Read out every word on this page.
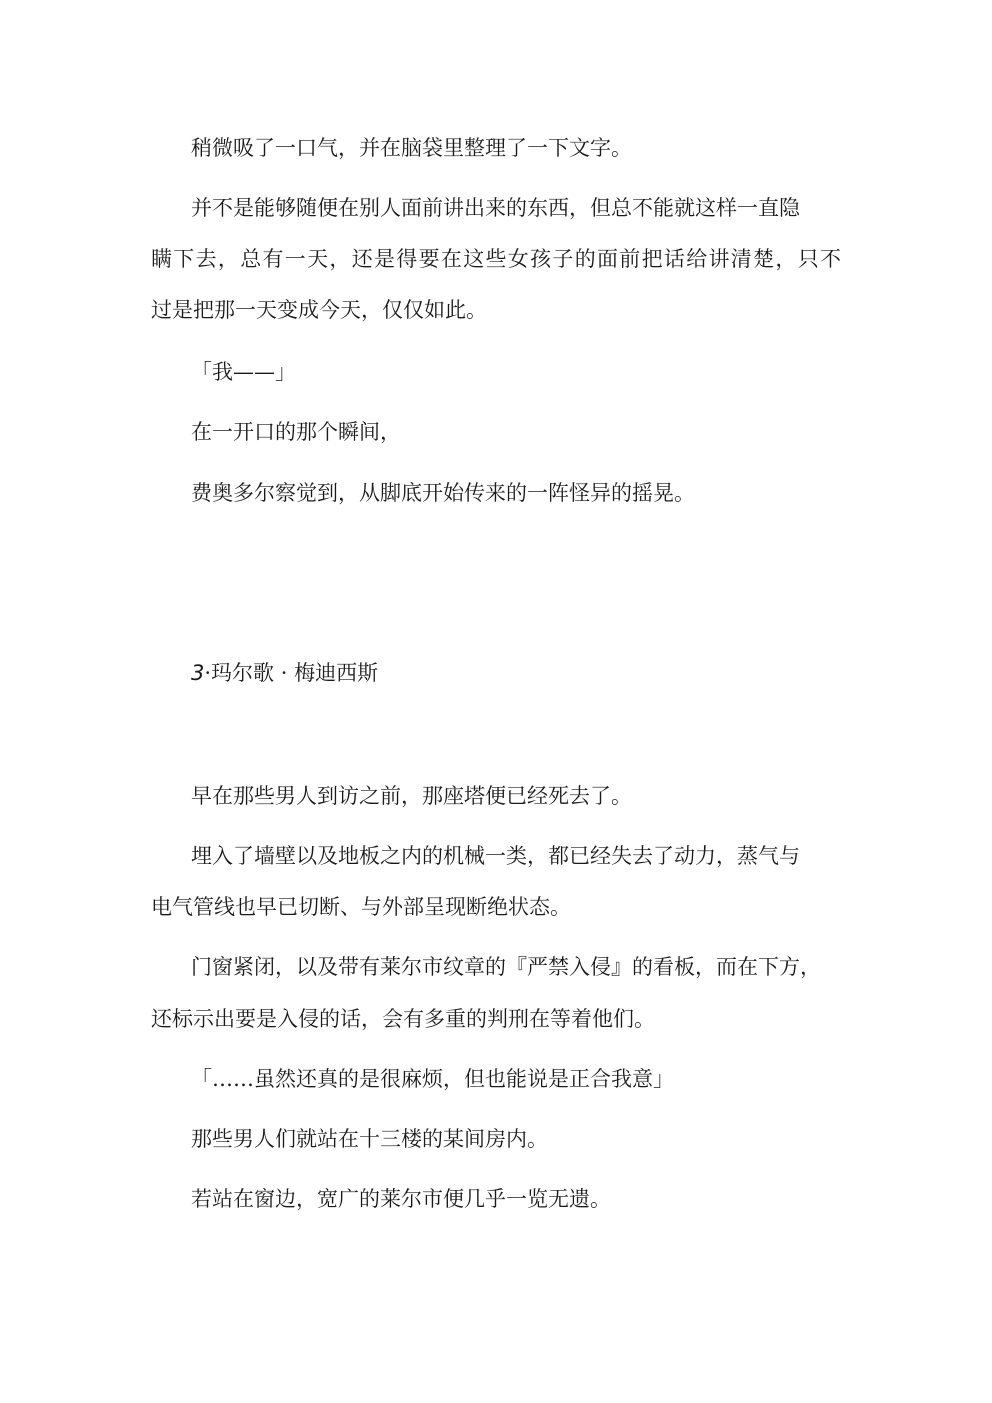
稍微吸了一口气，并在脑袋里整理了一下文字。
并不是能够随便在别人面前讲出来的东西，但总不能就这样一直隐
瞒下去，总有一天，还是得要在这些女孩子的面前把话给讲清楚，只不
过是把那一天变成今天，仅仅如此。
「我——」
在一开口的那个瞬间，
费奥多尔察觉到，从脚底开始传来的一阵怪异的摇晃。
3·玛尔歌 · 梅迪西斯
早在那些男人到访之前，那座塔便已经死去了。
埋入了墙壁以及地板之内的机械一类，都已经失去了动力，蒸气与
电气管线也早已切断、与外部呈现断绝状态。
门窗紧闭，以及带有莱尔市纹章的『严禁入侵』的看板，而在下方，
还标示出要是入侵的话，会有多重的判刑在等着他们。
「……虽然还真的是很麻烦，但也能说是正合我意」
那些男人们就站在十三楼的某间房内。
若站在窗边，宽广的莱尔市便几乎一览无遗。
